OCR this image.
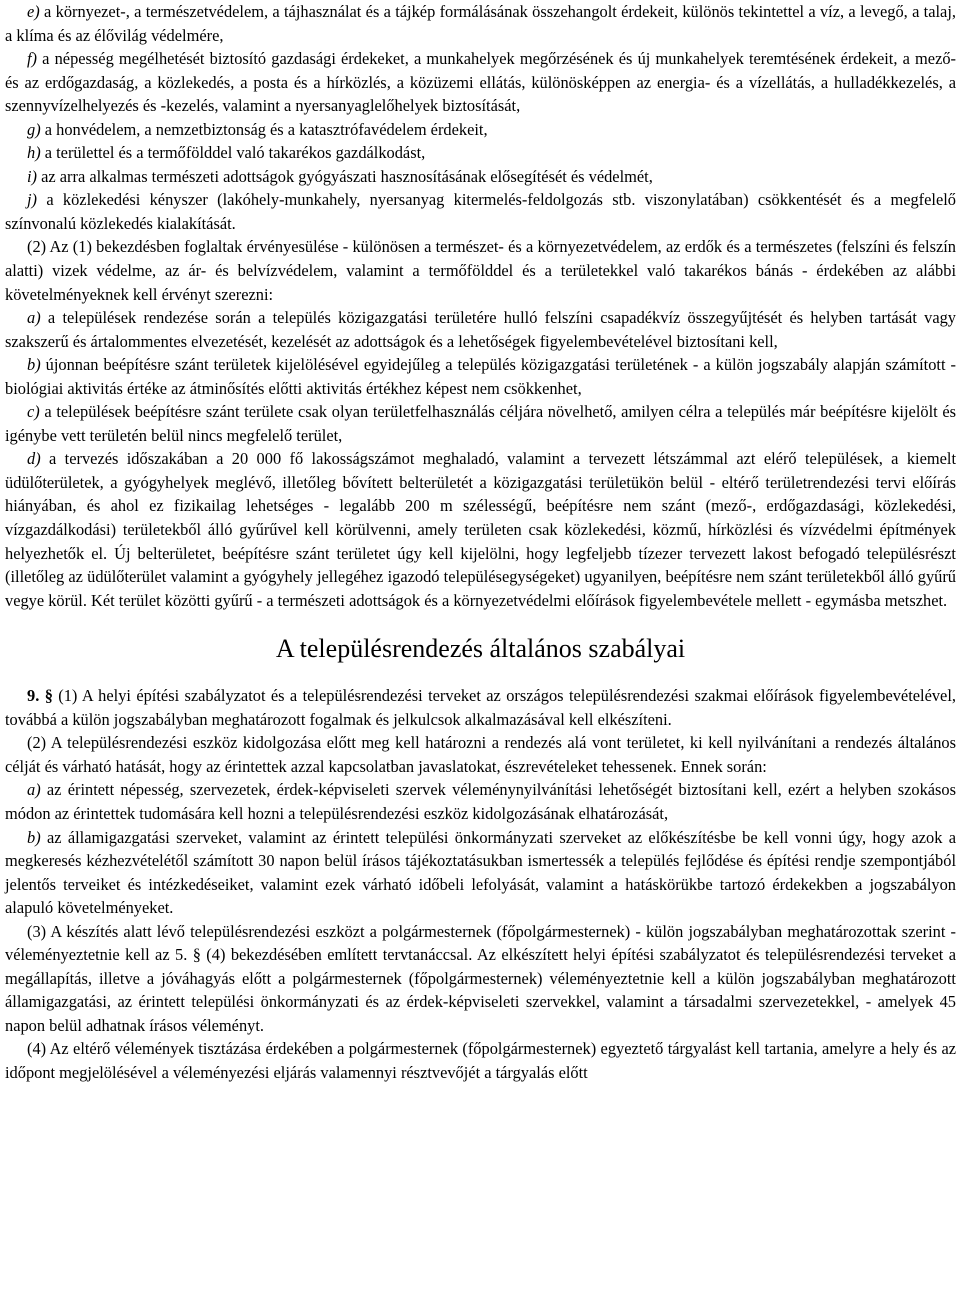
e) a környezet-, a természetvédelem, a tájhasználat és a tájkép formálásának összehangolt érdekeit, különös tekintettel a víz, a levegő, a talaj, a klíma és az élővilág védelmére,

f) a népesség megélhetését biztosító gazdasági érdekeket, a munkahelyek megőrzésének és új munkahelyek teremtésének érdekeit, a mező- és az erdőgazdaság, a közlekedés, a posta és a hírközlés, a közüzemi ellátás, különösképpen az energia- és a vízellátás, a hulladékkezelés, a szennyvízelhelyezés és -kezelés, valamint a nyersanyaglelőhelyek biztosítását,

g) a honvédelem, a nemzetbiztonság és a katasztrófavédelem érdekeit,

h) a területtel és a termőfölddel való takarékos gazdálkodást,

i) az arra alkalmas természeti adottságok gyógyászati hasznosításának elősegítését és védelmét,

j) a közlekedési kényszer (lakóhely-munkahely, nyersanyag kitermelés-feldolgozás stb. viszonylatában) csökkentését és a megfelelő színvonalú közlekedés kialakítását.

(2) Az (1) bekezdésben foglaltak érvényesülése - különösen a természet- és a környezetvédelem, az erdők és a természetes (felszíni és felszín alatti) vizek védelme, az ár- és belvízvédelem, valamint a termőfölddel és a területekkel való takarékos bánás - érdekében az alábbi követelményeknek kell érvényt szerezni:

a) a települések rendezése során a település közigazgatási területére hulló felszíni csapadékvíz összegyűjtését és helyben tartását vagy szakszerű és ártalommentes elvezetését, kezelését az adottságok és a lehetőségek figyelembevételével biztosítani kell,

b) újonnan beépítésre szánt területek kijelölésével egyidejűleg a település közigazgatási területének - a külön jogszabály alapján számított - biológiai aktivitás értéke az átminősítés előtti aktivitás értékhez képest nem csökkenhet,

c) a települések beépítésre szánt területe csak olyan területfelhasználás céljára növelhető, amilyen célra a település már beépítésre kijelölt és igénybe vett területén belül nincs megfelelő terület,

d) a tervezés időszakában a 20 000 fő lakosságszámot meghaladó, valamint a tervezett létszámmal azt elérő települések, a kiemelt üdülőterületek, a gyógyhelyek meglévő, illetőleg bővített belterületét a közigazgatási területükön belül - eltérő területrendezési tervi előírás hiányában, és ahol ez fizikailag lehetséges - legalább 200 m szélességű, beépítésre nem szánt (mező-, erdőgazdasági, közlekedési, vízgazdálkodási) területekből álló gyűrűvel kell körülvenni, amely területen csak közlekedési, közmű, hírközlési és vízvédelmi építmények helyezhetők el. Új belterületet, beépítésre szánt területet úgy kell kijelölni, hogy legfeljebb tízezer tervezett lakost befogadó településrészt (illetőleg az üdülőterület valamint a gyógyhely jellegéhez igazodó településegységeket) ugyanilyen, beépítésre nem szánt területekből álló gyűrű vegye körül. Két terület közötti gyűrű - a természeti adottságok és a környezetvédelmi előírások figyelembevétele mellett - egymásba metszhet.

A településrendezés általános szabályai

9. § (1) A helyi építési szabályzatot és a településrendezési terveket az országos településrendezési szakmai előírások figyelembevételével, továbbá a külön jogszabályban meghatározott fogalmak és jelkulcsok alkalmazásával kell elkészíteni.

(2) A településrendezési eszköz kidolgozása előtt meg kell határozni a rendezés alá vont területet, ki kell nyilvánítani a rendezés általános célját és várható hatását, hogy az érintettek azzal kapcsolatban javaslatokat, észrevételeket tehessenek. Ennek során:

a) az érintett népesség, szervezetek, érdek-képviseleti szervek véleménynyilvánítási lehetőségét biztosítani kell, ezért a helyben szokásos módon az érintettek tudomására kell hozni a településrendezési eszköz kidolgozásának elhatározását,

b) az államigazgatási szerveket, valamint az érintett települési önkormányzati szerveket az előkészítésbe be kell vonni úgy, hogy azok a megkeresés kézhezvételétől számított 30 napon belül írásos tájékoztatásukban ismertessék a település fejlődése és építési rendje szempontjából jelentős terveiket és intézkedéseiket, valamint ezek várható időbeli lefolyását, valamint a hatáskörükbe tartozó érdekekben a jogszabályon alapuló követelményeket.

(3) A készítés alatt lévő településrendezési eszközt a polgármesternek (főpolgármesternek) - külön jogszabályban meghatározottak szerint - véleményeztetnie kell az 5. § (4) bekezdésében említett tervtanáccsal. Az elkészített helyi építési szabályzatot és településrendezési terveket a megállapítás, illetve a jóváhagyás előtt a polgármesternek (főpolgármesternek) véleményeztetnie kell a külön jogszabályban meghatározott államigazgatási, az érintett települési önkormányzati és az érdek-képviseleti szervekkel, valamint a társadalmi szervezetekkel, - amelyek 45 napon belül adhatnak írásos véleményt.

(4) Az eltérő vélemények tisztázása érdekében a polgármesternek (főpolgármesternek) egyeztető tárgyalást kell tartania, amelyre a hely és az időpont megjelölésével a véleményezési eljárás valamennyi résztvevőjét a tárgyalás előtt
